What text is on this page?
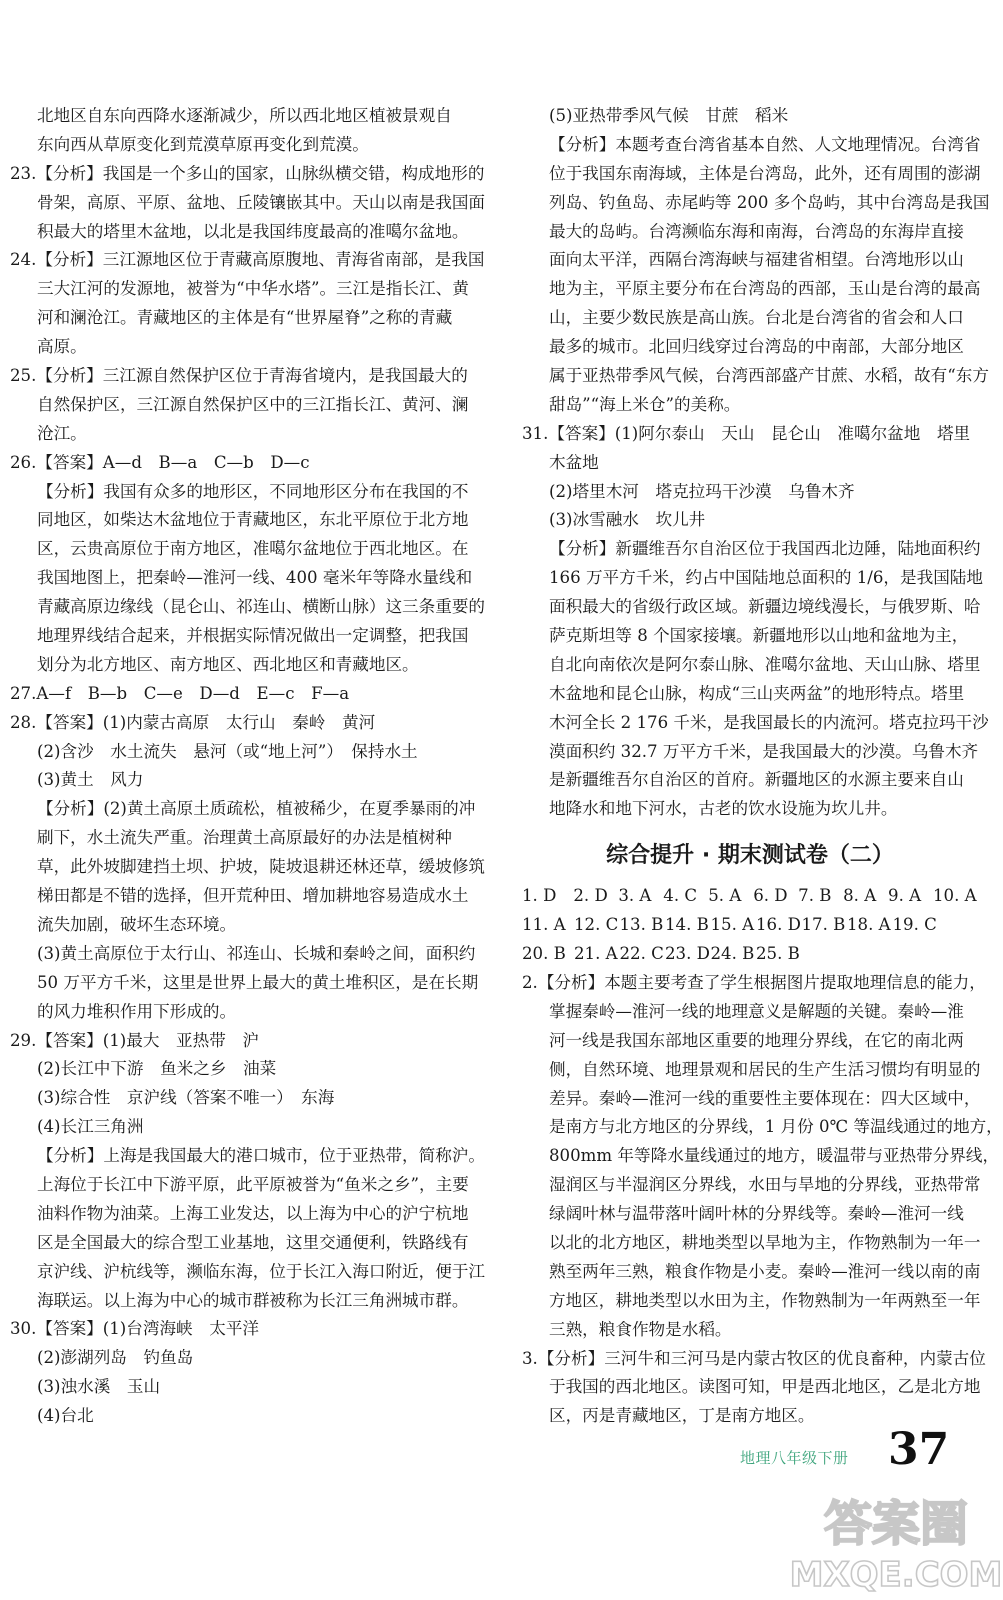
北地区自东向西降水逐渐减少，所以西北地区植被景观自
东向西从草原变化到荒漠草原再变化到荒漠。
23.【分析】我国是一个多山的国家，山脉纵横交错，构成地形的
骨架，高原、平原、盆地、丘陵镶嵌其中。天山以南是我国面
积最大的塔里木盆地，以北是我国纬度最高的准噶尔盆地。
24.【分析】三江源地区位于青藏高原腹地、青海省南部，是我国
三大江河的发源地，被誉为“中华水塔”。三江是指长江、黄
河和澜沧江。青藏地区的主体是有“世界屋脊”之称的青藏
高原。
25.【分析】三江源自然保护区位于青海省境内，是我国最大的
自然保护区，三江源自然保护区中的三江指长江、黄河、澜
沧江。
26.【答案】A—d　B—a　C—b　D—c
【分析】我国有众多的地形区，不同地形区分布在我国的不
同地区，如柴达木盆地位于青藏地区，东北平原位于北方地
区，云贵高原位于南方地区，准噶尔盆地位于西北地区。在
我国地图上，把秦岭—淮河一线、400 毫米年等降水量线和
青藏高原边缘线（昆仑山、祁连山、横断山脉）这三条重要的
地理界线结合起来，并根据实际情况做出一定调整，把我国
划分为北方地区、南方地区、西北地区和青藏地区。
27.A—f　B—b　C—e　D—d　E—c　F—a
28.【答案】(1)内蒙古高原　太行山　秦岭　黄河
(2)含沙　水土流失　悬河（或“地上河”）　保持水土
(3)黄土　风力
【分析】(2)黄土高原土质疏松，植被稀少，在夏季暴雨的冲
刷下，水土流失严重。治理黄土高原最好的办法是植树种
草，此外坡脚建挡土坝、护坡，陡坡退耕还林还草，缓坡修筑
梯田都是不错的选择，但开荒种田、增加耕地容易造成水土
流失加剧，破坏生态环境。
(3)黄土高原位于太行山、祁连山、长城和秦岭之间，面积约
50 万平方千米，这里是世界上最大的黄土堆积区，是在长期
的风力堆积作用下形成的。
29.【答案】(1)最大　亚热带　沪
(2)长江中下游　鱼米之乡　油菜
(3)综合性　京沪线（答案不唯一）　东海
(4)长江三角洲
【分析】上海是我国最大的港口城市，位于亚热带，简称沪。
上海位于长江中下游平原，此平原被誉为“鱼米之乡”，主要
油料作物为油菜。上海工业发达，以上海为中心的沪宁杭地
区是全国最大的综合型工业基地，这里交通便利，铁路线有
京沪线、沪杭线等，濒临东海，位于长江入海口附近，便于江
海联运。以上海为中心的城市群被称为长江三角洲城市群。
30.【答案】(1)台湾海峡　太平洋
(2)澎湖列岛　钓鱼岛
(3)浊水溪　玉山
(4)台北
(5)亚热带季风气候　甘蔗　稻米
【分析】本题考查台湾省基本自然、人文地理情况。台湾省
位于我国东南海域，主体是台湾岛，此外，还有周围的澎湖
列岛、钓鱼岛、赤尾屿等 200 多个岛屿，其中台湾岛是我国
最大的岛屿。台湾濒临东海和南海，台湾岛的东海岸直接
面向太平洋，西隔台湾海峡与福建省相望。台湾地形以山
地为主，平原主要分布在台湾岛的西部，玉山是台湾的最高
山，主要少数民族是高山族。台北是台湾省的省会和人口
最多的城市。北回归线穿过台湾岛的中南部，大部分地区
属于亚热带季风气候，台湾西部盛产甘蔗、水稻，故有“东方
甜岛”“海上米仓”的美称。
31.【答案】(1)阿尔泰山　天山　昆仑山　准噶尔盆地　塔里
木盆地
(2)塔里木河　塔克拉玛干沙漠　乌鲁木齐
(3)冰雪融水　坎儿井
【分析】新疆维吾尔自治区位于我国西北边陲，陆地面积约
166 万平方千米，约占中国陆地总面积的 1/6，是我国陆地
面积最大的省级行政区域。新疆边境线漫长，与俄罗斯、哈
萨克斯坦等 8 个国家接壤。新疆地形以山地和盆地为主，
自北向南依次是阿尔泰山脉、准噶尔盆地、天山山脉、塔里
木盆地和昆仑山脉，构成“三山夹两盆”的地形特点。塔里
木河全长 2 176 千米，是我国最长的内流河。塔克拉玛干沙
漠面积约 32.7 万平方千米，是我国最大的沙漠。乌鲁木齐
是新疆维吾尔自治区的首府。新疆地区的水源主要来自山
地降水和地下河水，古老的饮水设施为坎儿井。
综合提升 · 期末测试卷（二）
1. D	2. D 3. A 4. C 5. A 6. D 7. B 8. A 9. A 10. A
11. A 12. C 13. B 14. B 15. A 16. D 17. B 18. A 19. C
20. B 21. A 22. C 23. D 24. B 25. B
2.【分析】本题主要考查了学生根据图片提取地理信息的能力，
掌握秦岭—淮河一线的地理意义是解题的关键。秦岭—淮
河一线是我国东部地区重要的地理分界线，在它的南北两
侧，自然环境、地理景观和居民的生产生活习惯均有明显的
差异。秦岭—淮河一线的重要性主要体现在：四大区域中，
是南方与北方地区的分界线，1 月份 0℃ 等温线通过的地方，
800mm 年等降水量线通过的地方，暖温带与亚热带分界线，
湿润区与半湿润区分界线，水田与旱地的分界线，亚热带常
绿阔叶林与温带落叶阔叶林的分界线等。秦岭—淮河一线
以北的北方地区，耕地类型以旱地为主，作物熟制为一年一
熟至两年三熟，粮食作物是小麦。秦岭—淮河一线以南的南
方地区，耕地类型以水田为主，作物熟制为一年两熟至一年
三熟，粮食作物是水稻。
3.【分析】三河牛和三河马是内蒙古牧区的优良畜种，内蒙古位
于我国的西北地区。读图可知，甲是西北地区，乙是北方地
区，丙是青藏地区，丁是南方地区。
地理八年级下册 37
答案圈
MXQE.COM
